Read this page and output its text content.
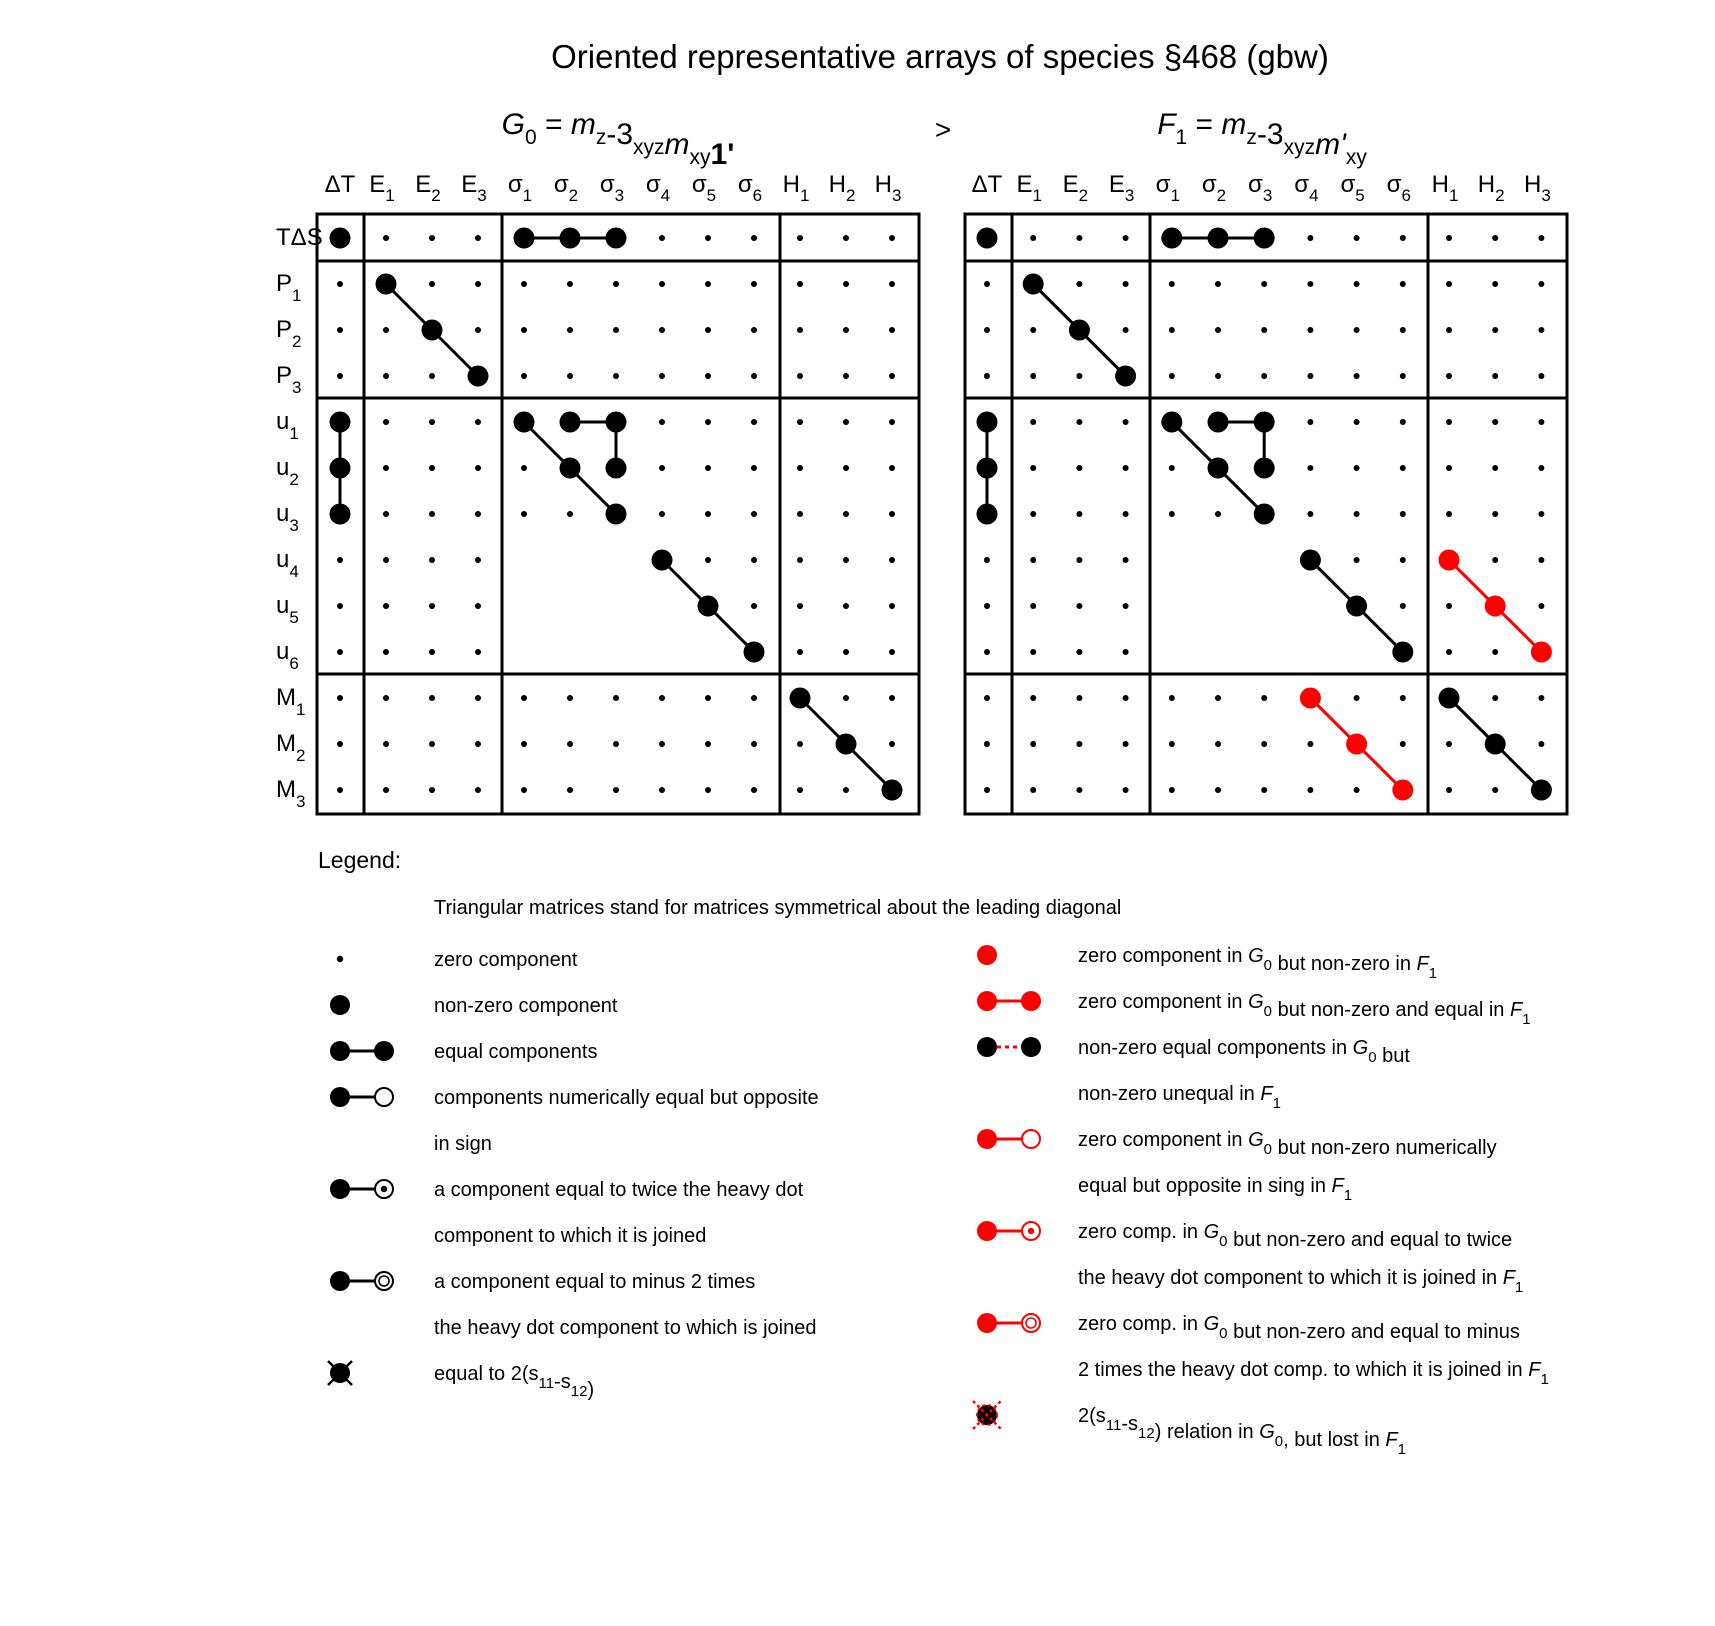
Oriented representative arrays of species §468 (gbw)
>
$G_0 = m_z-3_{xyz}m_{xy}1'$
$F_1 = m_z-3_{xyz}m'_{xy}$
ΔT $E_1$ $E_2$ $E_3$ $\sigma_1$ $\sigma_2$ $\sigma_3$ $\sigma_4$ $\sigma_5$ $\sigma_6$ $H_1$ $H_2$ $H_3$
TΔS
$P_1$
$P_2$
$P_3$
$u_1$
$u_2$
$u_3$
$u_4$
$u_5$
$u_6$
$M_1$
$M_2$
$M_3$
ΔT $E_1$ $E_2$ $E_3$ $\sigma_1$ $\sigma_2$ $\sigma_3$ $\sigma_4$ $\sigma_5$ $\sigma_6$ $H_1$ $H_2$ $H_3$
Legend:
Triangular matrices stand for matrices symmetrical about the leading diagonal
zero component
non-zero component
equal components
components numerically equal but opposite
in sign
a component equal to twice the heavy dot
component to which it is joined
a component equal to minus 2 times
the heavy dot component to which is joined
equal to $2(s_{11}-s_{12})$
zero component in $G_0$ but non-zero in $F_1$
zero component in $G_0$ but non-zero and equal in $F_1$
non-zero equal components in $G_0$ but
non-zero unequal in $F_1$
zero component in $G_0$ but non-zero numerically
equal but opposite in sing in $F_1$
zero comp. in $G_0$ but non-zero and equal to twice
the heavy dot component to which it is joined in $F_1$
zero comp. in $G_0$ but non-zero and equal to minus
2 times the heavy dot comp. to which it is joined in $F_1$
$2(s_{11}-s_{12})$ relation in $G_0$, but lost in $F_1$
